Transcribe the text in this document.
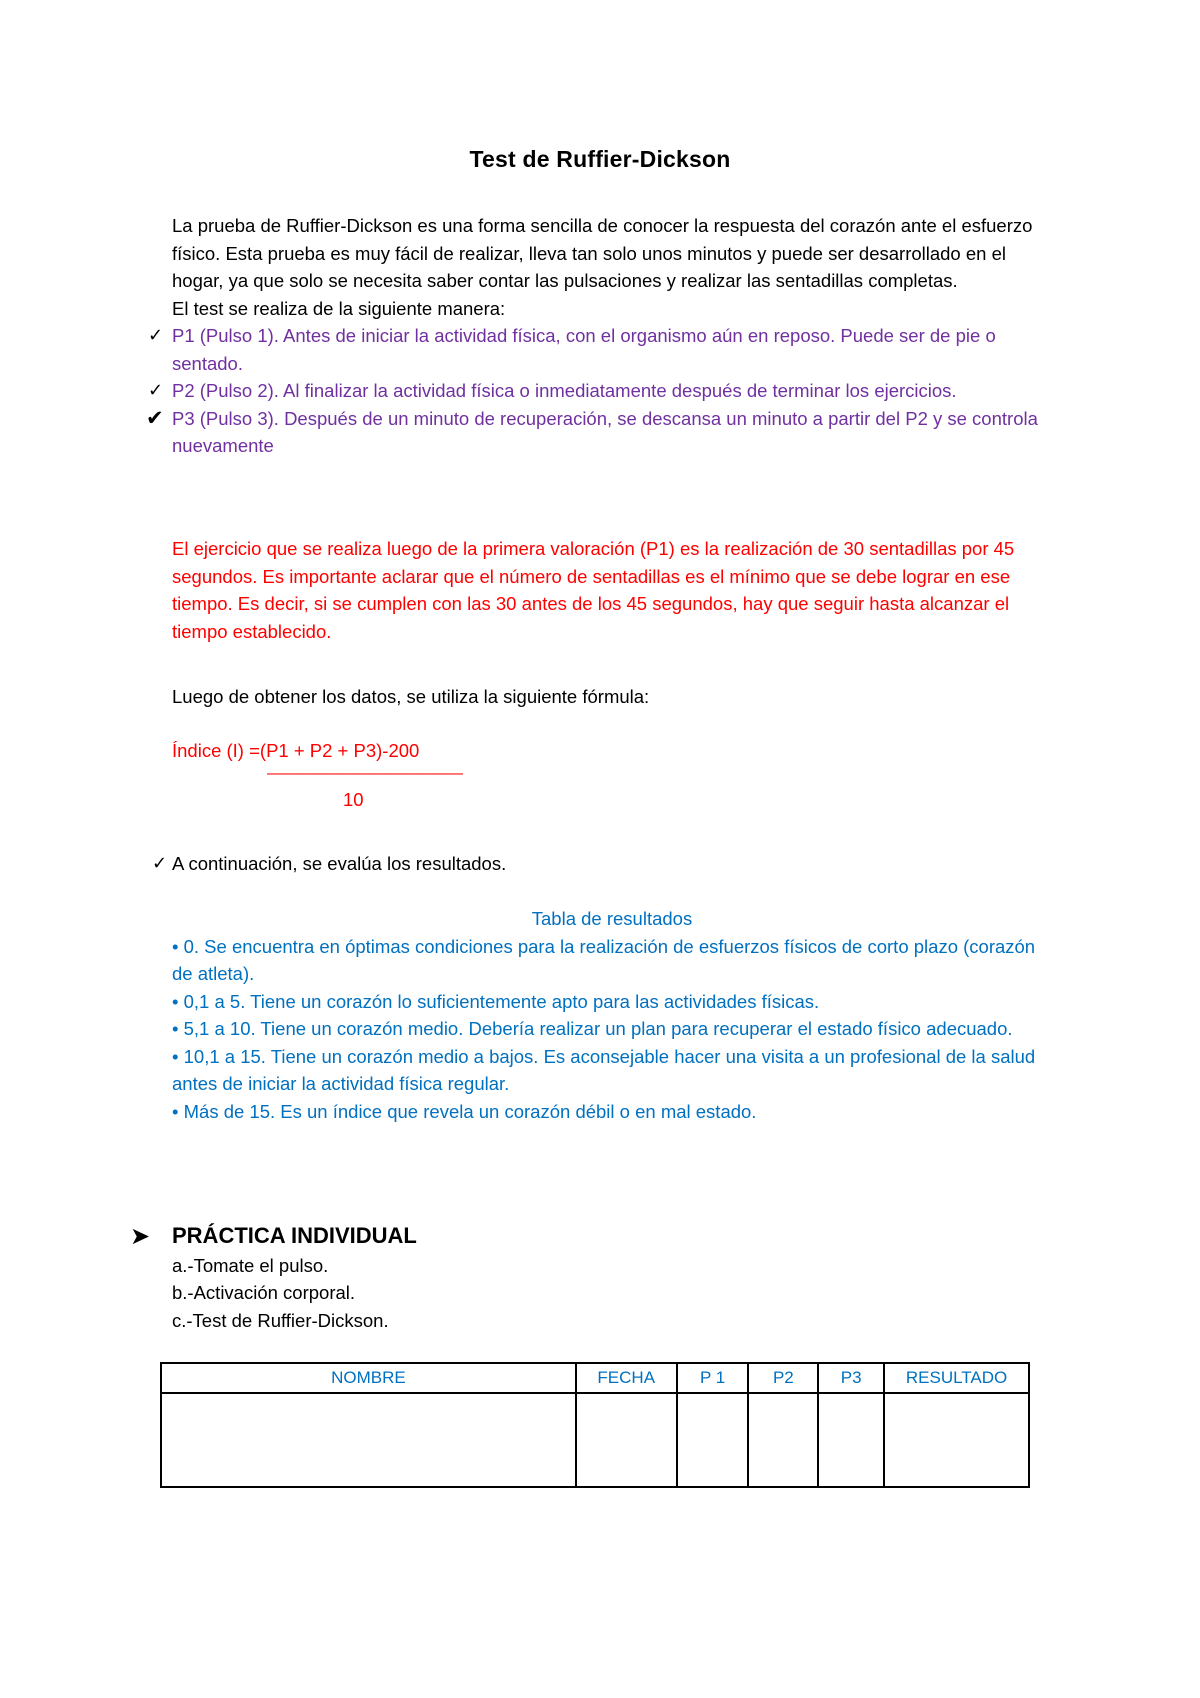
Test de Ruffier-Dickson

La prueba de Ruffier-Dickson es una forma sencilla de conocer la respuesta del corazón ante el esfuerzo físico. Esta prueba es muy fácil de realizar, lleva tan solo unos minutos y puede ser desarrollado en el hogar, ya que solo se necesita saber contar las pulsaciones y realizar las sentadillas completas.

El test se realiza de la siguiente manera:

✓ P1 (Pulso 1). Antes de iniciar la actividad física, con el organismo aún en reposo. Puede ser de pie o sentado.
✓ P2 (Pulso 2). Al finalizar la actividad física o inmediatamente después de terminar los ejercicios.
✔ P3 (Pulso 3). Después de un minuto de recuperación, se descansa un minuto a partir del P2 y se controla nuevamente
El ejercicio que se realiza luego de la primera valoración (P1) es la realización de 30 sentadillas por 45 segundos. Es importante aclarar que el número de sentadillas es el mínimo que se debe lograr en ese tiempo. Es decir, si se cumplen con las 30 antes de los 45 segundos, hay que seguir hasta alcanzar el tiempo establecido.
Luego de obtener los datos, se utiliza la siguiente fórmula:
Índice (I) =(P1 + P2 + P3)-200
—————————————
10
✓ A continuación, se evalúa los resultados.

Tabla de resultados

• 0. Se encuentra en óptimas condiciones para la realización de esfuerzos físicos de corto plazo (corazón de atleta).

• 0,1 a 5. Tiene un corazón lo suficientemente apto para las actividades físicas.

• 5,1 a 10. Tiene un corazón medio. Debería realizar un plan para recuperar el estado físico adecuado.

• 10,1 a 15. Tiene un corazón medio a bajos. Es aconsejable hacer una visita a un profesional de la salud antes de iniciar la actividad física regular.

• Más de 15. Es un índice que revela un corazón débil o en mal estado.

➤ PRÁCTICA INDIVIDUAL

a.-Tomate el pulso.

b.-Activación corporal.

c.-Test de Ruffier-Dickson.

NOMBRE	FECHA	P 1	P2	P3	RESULTADO
